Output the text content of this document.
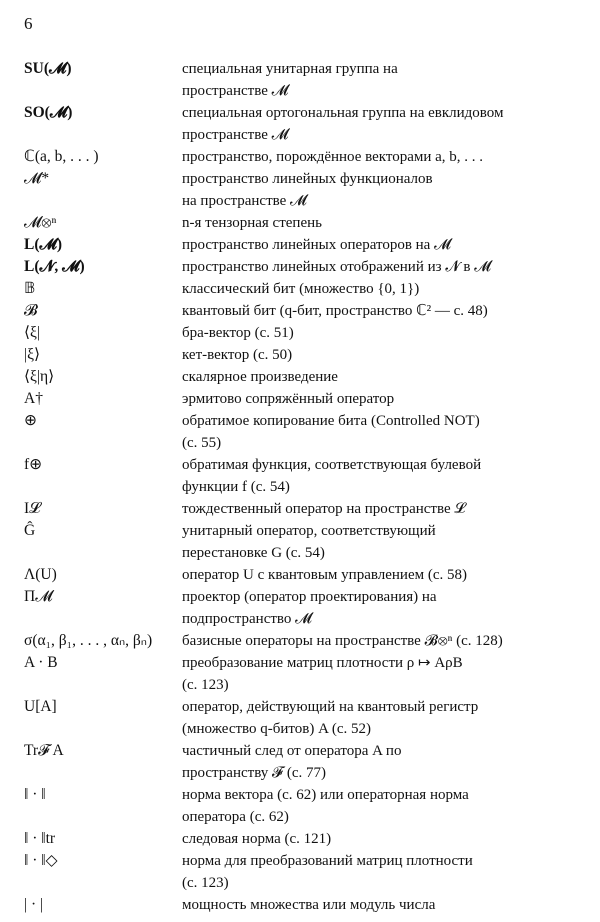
6
SU(𝓜)	специальная унитарная группа на
пространстве 𝓜
SO(𝓜)	специальная ортогональная группа на евклидовом
пространстве 𝓜
ℂ(a, b, . . . )	пространство, порождённое векторами a, b, . . .
𝓜*	пространство линейных функционалов
на пространстве 𝓜
𝓜⊗ⁿ	n-я тензорная степень
L(𝓜)	пространство линейных операторов на 𝓜
L(𝓝, 𝓜)	пространство линейных отображений из 𝓝 в 𝓜
𝔹	классический бит (множество {0, 1})
𝓑	квантовый бит (q-бит, пространство ℂ² — с. 48)
⟨ξ|	бра-вектор (с. 51)
|ξ⟩	кет-вектор (с. 50)
⟨ξ|η⟩	скалярное произведение
A†	эрмитово сопряжённый оператор
⊕	обратимое копирование бита (Controlled NOT)
(с. 55)
f⊕	обратимая функция, соответствующая булевой
функции f (с. 54)
I𝓛	тождественный оператор на пространстве 𝓛
Ĝ	унитарный оператор, соответствующий
перестановке G (с. 54)
Λ(U)	оператор U с квантовым управлением (с. 58)
Π𝓜	проектор (оператор проектирования) на
подпространство 𝓜
σ(α₁, β₁, . . . , αₙ, βₙ)	базисные операторы на пространстве 𝓑⊗ⁿ (с. 128)
A · B	преобразование матриц плотности ρ ↦ AρB
(с. 123)
U[A]	оператор, действующий на квантовый регистр
(множество q-битов) A (с. 52)
Tr𝓕 A	частичный след от оператора A по
пространству 𝓕 (с. 77)
‖ · ‖	норма вектора (с. 62) или операторная норма
оператора (с. 62)
‖ · ‖tr	следовая норма (с. 121)
‖ · ‖◇	норма для преобразований матриц плотности
(с. 123)
| · |	мощность множества или модуль числа
